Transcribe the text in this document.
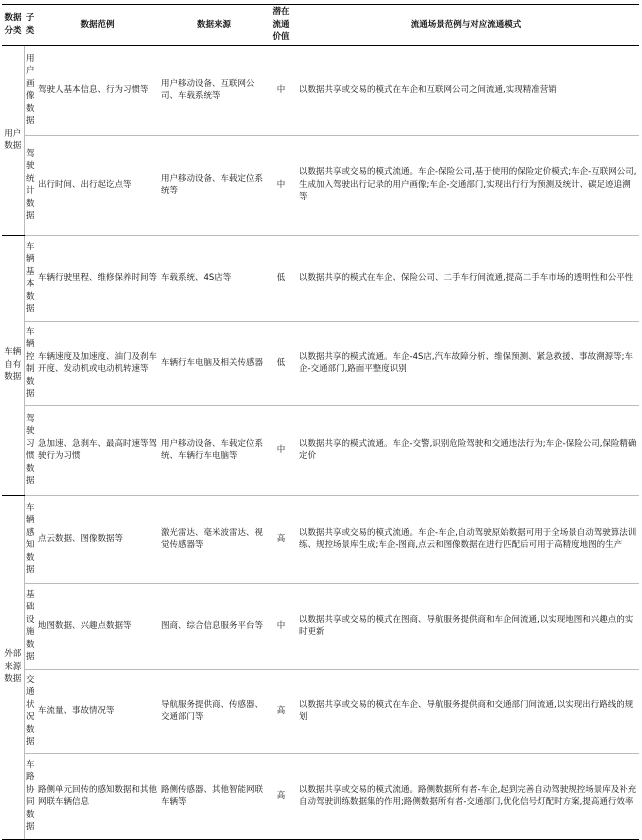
数据分类	子类	数据范例	数据来源	潜在流通价值	流通场景范例与对应流通模式
用户数据	用户画像数据	驾驶人基本信息、行为习惯等	用户移动设备、互联网公司、车载系统等	中	以数据共享或交易的模式在车企和互联网公司之间流通,实现精准营销
	驾驶统计数据	出行时间、出行起讫点等	用户移动设备、车载定位系统等	中	以数据共享或交易的模式流通。车企-保险公司,基于使用的保险定价模式;车企-互联网公司,生成加入驾驶出行记录的用户画像;车企-交通部门,实现出行行为预测及统计、碳足迹追溯等
车辆自有数据	车辆基本数据	车辆行驶里程、维修保养时间等	车载系统、4S店等	低	以数据共享的模式在车企、保险公司、二手车行间流通,提高二手车市场的透明性和公平性
	车辆控制数据	车辆速度及加速度、油门及刹车开度、发动机或电动机转速等	车辆行车电脑及相关传感器	低	以数据共享的模式流通。车企-4S店,汽车故障分析、维保预测、紧急救援、事故溯源等;车企-交通部门,路面平整度识别
	驾驶习惯数据	急加速、急刹车、最高时速等驾驶行为习惯	用户移动设备、车载定位系统、车辆行车电脑等	中	以数据共享的模式流通。车企-交警,识别危险驾驶和交通违法行为;车企-保险公司,保险精确定价
外部来源数据	车辆感知数据	点云数据、图像数据等	激光雷达、毫米波雷达、视觉传感器等	高	以数据共享或交易的模式流通。车企-车企,自动驾驶原始数据可用于全场景自动驾驶算法训练、规控场景库生成;车企-图商,点云和图像数据在进行匹配后可用于高精度地图的生产
	基础设施数据	地图数据、兴趣点数据等	图商、综合信息服务平台等	中	以数据共享或交易的模式在图商、导航服务提供商和车企间流通,以实现地图和兴趣点的实时更新
	交通状况数据	车流量、事故情况等	导航服务提供商、传感器、交通部门等	高	以数据共享或交易的模式在车企、导航服务提供商和交通部门间流通,以实现出行路线的规划
	车路协同数据	路侧单元回传的感知数据和其他网联车辆信息	路侧传感器、其他智能网联车辆等	高	以数据共享或交易的模式流通。路侧数据所有者-车企,起到完善自动驾驶规控场景库及补充自动驾驶训练数据集的作用;路侧数据所有者-交通部门,优化信号灯配时方案,提高通行效率
